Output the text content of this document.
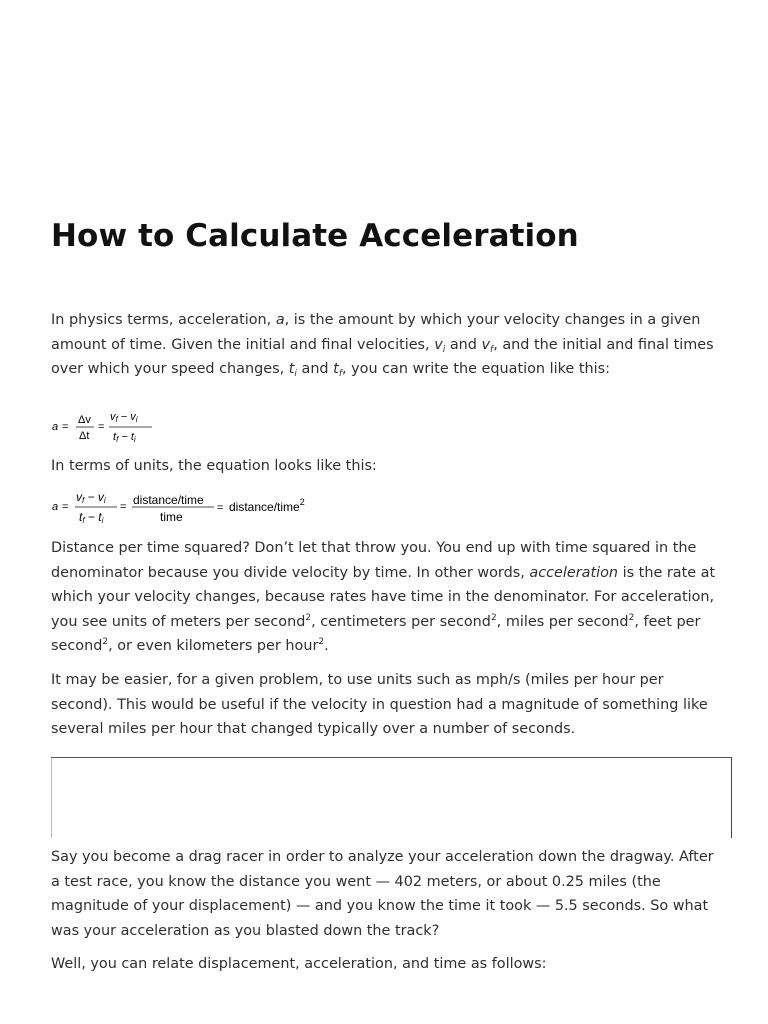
How to Calculate Acceleration

In physics terms, acceleration, a, is the amount by which your velocity changes in a given amount of time. Given the initial and final velocities, $v_i$ and $v_f$, and the initial and final times over which your speed changes, $t_i$ and $t_f$, you can write the equation like this:

a =
Δv
Δt
=
vf − vi
tf − ti

In terms of units, the equation looks like this:

a =
vf − vi
tf − ti
= distance/time
time
= distance/time$^2$

Distance per time squared? Don’t let that throw you. You end up with time squared in the denominator because you divide velocity by time. In other words, acceleration is the rate at which your velocity changes, because rates have time in the denominator. For acceleration, you see units of meters per second$^2$, centimeters per second$^2$, miles per second$^2$, feet per second$^2$, or even kilometers per hour$^2$.

It may be easier, for a given problem, to use units such as mph/s (miles per hour per second). This would be useful if the velocity in question had a magnitude of something like several miles per hour that changed typically over a number of seconds.

Say you become a drag racer in order to analyze your acceleration down the dragway. After a test race, you know the distance you went — 402 meters, or about 0.25 miles (the magnitude of your displacement) — and you know the time it took — 5.5 seconds. So what was your acceleration as you blasted down the track?

Well, you can relate displacement, acceleration, and time as follows:
